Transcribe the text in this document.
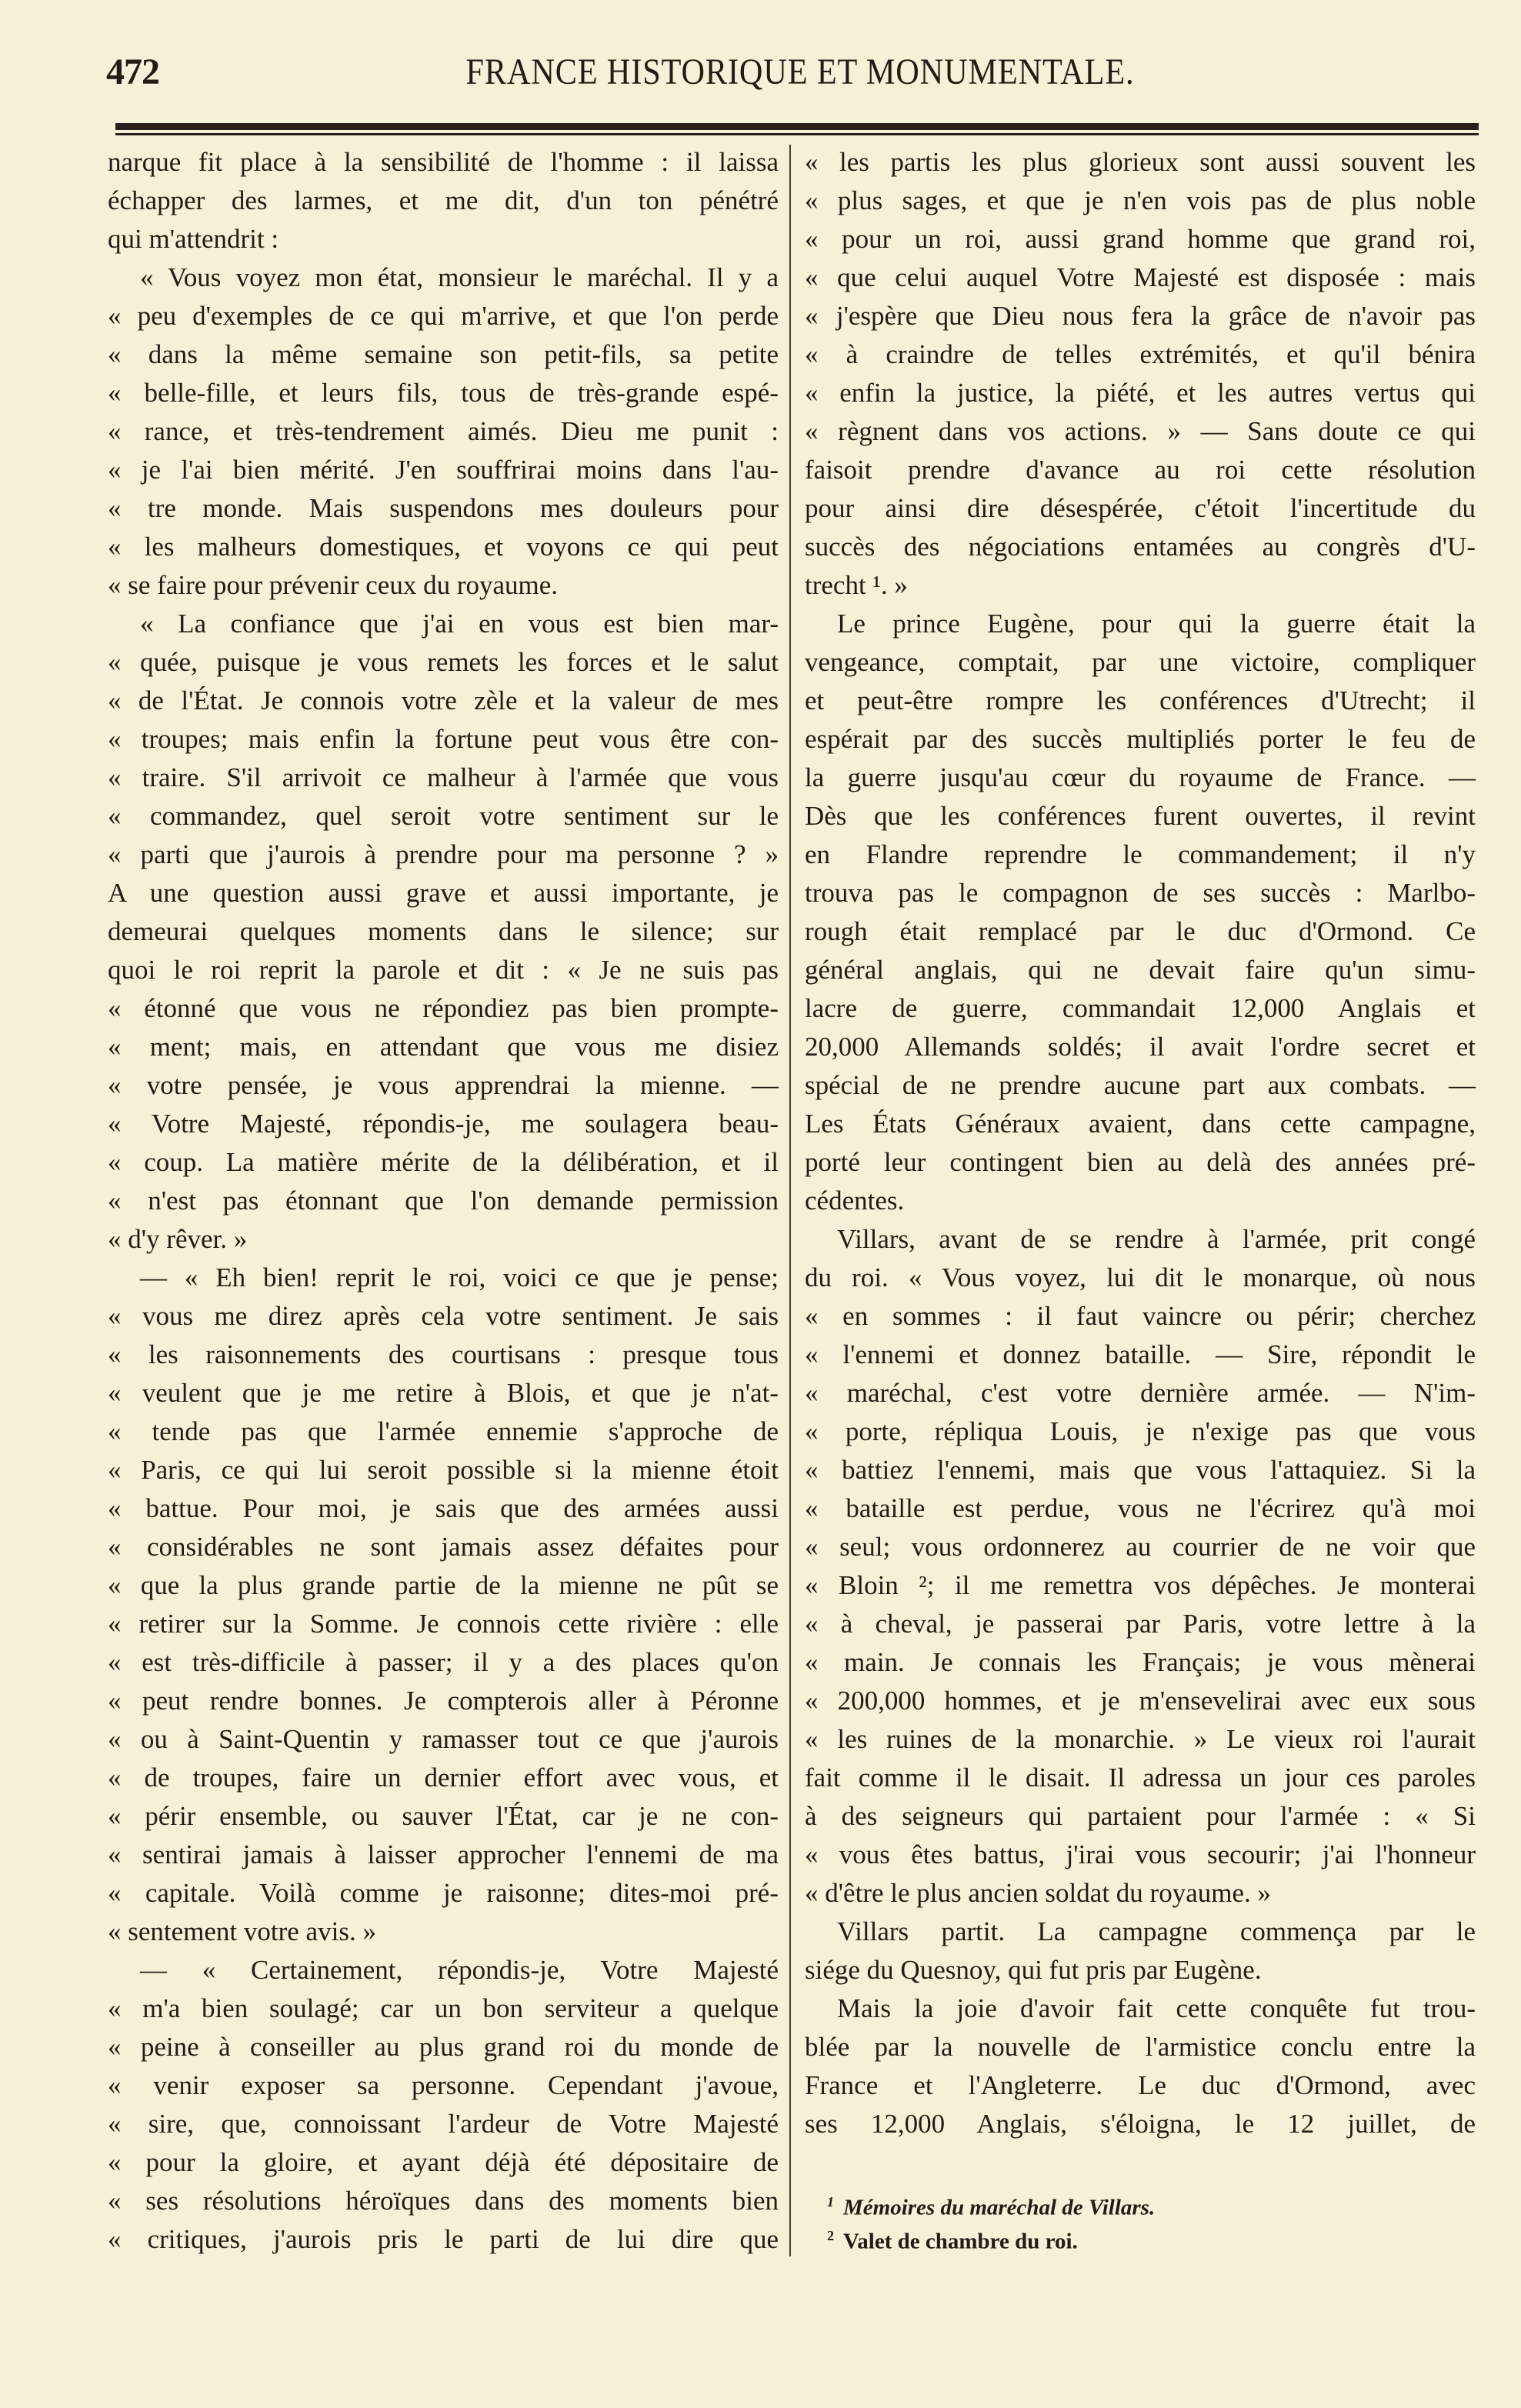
472	FRANCE HISTORIQUE ET MONUMENTALE.
narque fit place à la sensibilité de l'homme : il laissa
échapper des larmes, et me dit, d'un ton pénétré
qui m'attendrit :
« Vous voyez mon état, monsieur le maréchal. Il y a
« peu d'exemples de ce qui m'arrive, et que l'on perde
« dans la même semaine son petit-fils, sa petite
« belle-fille, et leurs fils, tous de très-grande espé-
« rance, et très-tendrement aimés. Dieu me punit :
« je l'ai bien mérité. J'en souffrirai moins dans l'au-
« tre monde. Mais suspendons mes douleurs pour
« les malheurs domestiques, et voyons ce qui peut
« se faire pour prévenir ceux du royaume.
« La confiance que j'ai en vous est bien mar-
« quée, puisque je vous remets les forces et le salut
« de l'État. Je connois votre zèle et la valeur de mes
« troupes; mais enfin la fortune peut vous être con-
« traire. S'il arrivoit ce malheur à l'armée que vous
« commandez, quel seroit votre sentiment sur le
« parti que j'aurois à prendre pour ma personne ? »
A une question aussi grave et aussi importante, je
demeurai quelques moments dans le silence; sur
quoi le roi reprit la parole et dit : « Je ne suis pas
« étonné que vous ne répondiez pas bien prompte-
« ment; mais, en attendant que vous me disiez
« votre pensée, je vous apprendrai la mienne. —
« Votre Majesté, répondis-je, me soulagera beau-
« coup. La matière mérite de la délibération, et il
« n'est pas étonnant que l'on demande permission
« d'y rêver. »
— « Eh bien! reprit le roi, voici ce que je pense;
« vous me direz après cela votre sentiment. Je sais
« les raisonnements des courtisans : presque tous
« veulent que je me retire à Blois, et que je n'at-
« tende pas que l'armée ennemie s'approche de
« Paris, ce qui lui seroit possible si la mienne étoit
« battue. Pour moi, je sais que des armées aussi
« considérables ne sont jamais assez défaites pour
« que la plus grande partie de la mienne ne pût se
« retirer sur la Somme. Je connois cette rivière : elle
« est très-difficile à passer; il y a des places qu'on
« peut rendre bonnes. Je compterois aller à Péronne
« ou à Saint-Quentin y ramasser tout ce que j'aurois
« de troupes, faire un dernier effort avec vous, et
« périr ensemble, ou sauver l'État, car je ne con-
« sentirai jamais à laisser approcher l'ennemi de ma
« capitale. Voilà comme je raisonne; dites-moi pré-
« sentement votre avis. »
— « Certainement, répondis-je, Votre Majesté
« m'a bien soulagé; car un bon serviteur a quelque
« peine à conseiller au plus grand roi du monde de
« venir exposer sa personne. Cependant j'avoue,
« sire, que, connoissant l'ardeur de Votre Majesté
« pour la gloire, et ayant déjà été dépositaire de
« ses résolutions héroïques dans des moments bien
« critiques, j'aurois pris le parti de lui dire que
« les partis les plus glorieux sont aussi souvent les
« plus sages, et que je n'en vois pas de plus noble
« pour un roi, aussi grand homme que grand roi,
« que celui auquel Votre Majesté est disposée : mais
« j'espère que Dieu nous fera la grâce de n'avoir pas
« à craindre de telles extrémités, et qu'il bénira
« enfin la justice, la piété, et les autres vertus qui
« règnent dans vos actions. » — Sans doute ce qui
faisoit prendre d'avance au roi cette résolution
pour ainsi dire désespérée, c'étoit l'incertitude du
succès des négociations entamées au congrès d'U-
trecht ¹. »
Le prince Eugène, pour qui la guerre était la
vengeance, comptait, par une victoire, compliquer
et peut-être rompre les conférences d'Utrecht; il
espérait par des succès multipliés porter le feu de
la guerre jusqu'au cœur du royaume de France. —
Dès que les conférences furent ouvertes, il revint
en Flandre reprendre le commandement; il n'y
trouva pas le compagnon de ses succès : Marlbo-
rough était remplacé par le duc d'Ormond. Ce
général anglais, qui ne devait faire qu'un simu-
lacre de guerre, commandait 12,000 Anglais et
20,000 Allemands soldés; il avait l'ordre secret et
spécial de ne prendre aucune part aux combats. —
Les États Généraux avaient, dans cette campagne,
porté leur contingent bien au delà des années pré-
cédentes.
Villars, avant de se rendre à l'armée, prit congé
du roi. « Vous voyez, lui dit le monarque, où nous
« en sommes : il faut vaincre ou périr; cherchez
« l'ennemi et donnez bataille. — Sire, répondit le
« maréchal, c'est votre dernière armée. — N'im-
« porte, répliqua Louis, je n'exige pas que vous
« battiez l'ennemi, mais que vous l'attaquiez. Si la
« bataille est perdue, vous ne l'écrirez qu'à moi
« seul; vous ordonnerez au courrier de ne voir que
« Bloin ²; il me remettra vos dépêches. Je monterai
« à cheval, je passerai par Paris, votre lettre à la
« main. Je connais les Français; je vous mènerai
« 200,000 hommes, et je m'ensevelirai avec eux sous
« les ruines de la monarchie. » Le vieux roi l'aurait
fait comme il le disait. Il adressa un jour ces paroles
à des seigneurs qui partaient pour l'armée : « Si
« vous êtes battus, j'irai vous secourir; j'ai l'honneur
« d'être le plus ancien soldat du royaume. »
Villars partit. La campagne commença par le
siége du Quesnoy, qui fut pris par Eugène.
Mais la joie d'avoir fait cette conquête fut trou-
blée par la nouvelle de l'armistice conclu entre la
France et l'Angleterre. Le duc d'Ormond, avec
ses 12,000 Anglais, s'éloigna, le 12 juillet, de
$^1$ Mémoires du maréchal de Villars.
$^2$ Valet de chambre du roi.
